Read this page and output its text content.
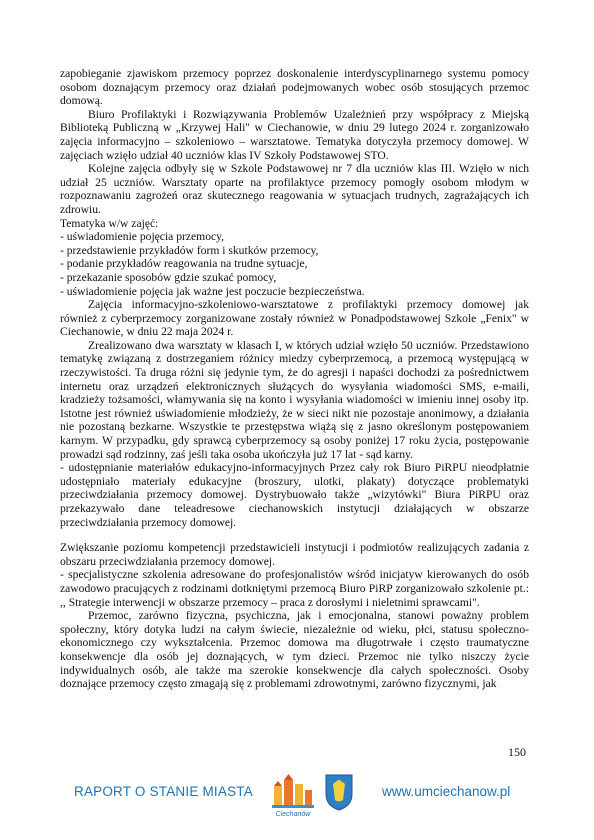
zapobieganie zjawiskom przemocy poprzez doskonalenie interdyscyplinarnego systemu pomocy osobom doznającym przemocy oraz działań podejmowanych wobec osób stosujących przemoc domową.

Biuro Profilaktyki i Rozwiązywania Problemów Uzależnień przy współpracy z Miejską Biblioteką Publiczną w „Krzywej Hali" w Ciechanowie, w dniu 29 lutego 2024 r. zorganizowało zajęcia informacyjno – szkoleniowo – warsztatowe. Tematyka dotyczyła przemocy domowej. W zajęciach wzięło udział 40 uczniów klas IV Szkoły Podstawowej STO.

Kolejne zajęcia odbyły się w Szkole Podstawowej nr 7 dla uczniów klas III. Wzięło w nich udział 25 uczniów. Warsztaty oparte na profilaktyce przemocy pomogły osobom młodym w rozpoznawaniu zagrożeń oraz skutecznego reagowania w sytuacjach trudnych, zagrażających ich zdrowiu.

Tematyka w/w zajęć:

- uświadomienie pojęcia przemocy,

- przedstawienie przykładów form i skutków przemocy,

- podanie przykładów reagowania na trudne sytuacje,

- przekazanie sposobów gdzie szukać pomocy,

- uświadomienie pojęcia jak ważne jest poczucie bezpieczeństwa.

Zajęcia informacyjno-szkoleniowo-warsztatowe z profilaktyki przemocy domowej jak również z cyberprzemocy zorganizowane zostały również w Ponadpodstawowej Szkole „Fenix" w Ciechanowie, w dniu 22 maja 2024 r.

Zrealizowano dwa warsztaty w klasach I, w których udział wzięło 50 uczniów. Przedstawiono tematykę związaną z dostrzeganiem różnicy miedzy cyberprzemocą, a przemocą występującą w rzeczywistości. Ta druga różni się jedynie tym, że do agresji i napaści dochodzi za pośrednictwem internetu oraz urządzeń elektronicznych służących do wysyłania wiadomości SMS, e-maili, kradzieży tożsamości, włamywania się na konto i wysyłania wiadomości w imieniu innej osoby itp. Istotne jest również uświadomienie młodzieży, że w sieci nikt nie pozostaje anonimowy, a działania nie pozostaną bezkarne. Wszystkie te przestępstwa wiążą się z jasno określonym postępowaniem karnym. W przypadku, gdy sprawcą cyberprzemocy są osoby poniżej 17 roku życia, postępowanie prowadzi sąd rodzinny, zaś jeśli taka osoba ukończyła już 17 lat - sąd karny.

- udostępnianie materiałów edukacyjno-informacyjnych Przez cały rok Biuro PiRPU nieodpłatnie udostępniało materiały edukacyjne (broszury, ulotki, plakaty) dotyczące problematyki przeciwdziałania przemocy domowej. Dystrybuowało także „wizytówki" Biura PiRPU oraz przekazywało dane teleadresowe ciechanowskich instytucji działających w obszarze przeciwdziałania przemocy domowej.

Zwiększanie poziomu kompetencji przedstawicieli instytucji i podmiotów realizujących zadania z obszaru przeciwdziałania przemocy domowej.

- specjalistyczne szkolenia adresowane do profesjonalistów wśród inicjatyw kierowanych do osób zawodowo pracujących z rodzinami dotkniętymi przemocą Biuro PiRP zorganizowało szkolenie pt.: ,, Strategie interwencji w obszarze przemocy – praca z dorosłymi i nieletnimi sprawcami".

Przemoc, zarówno fizyczna, psychiczna, jak i emocjonalna, stanowi poważny problem społeczny, który dotyka ludzi na całym świecie, niezależnie od wieku, płci, statusu społeczno-ekonomicznego czy wykształcenia. Przemoc domowa ma długotrwałe i często traumatyczne konsekwencje dla osób jej doznających, w tym dzieci. Przemoc nie tylko niszczy życie indywidualnych osób, ale także ma szerokie konsekwencje dla całych społeczności. Osoby doznające przemocy często zmagają się z problemami zdrowotnymi, zarówno fizycznymi, jak

150
RAPORT O STANIE MIASTA
Ciechanów
www.umciechanow.pl
